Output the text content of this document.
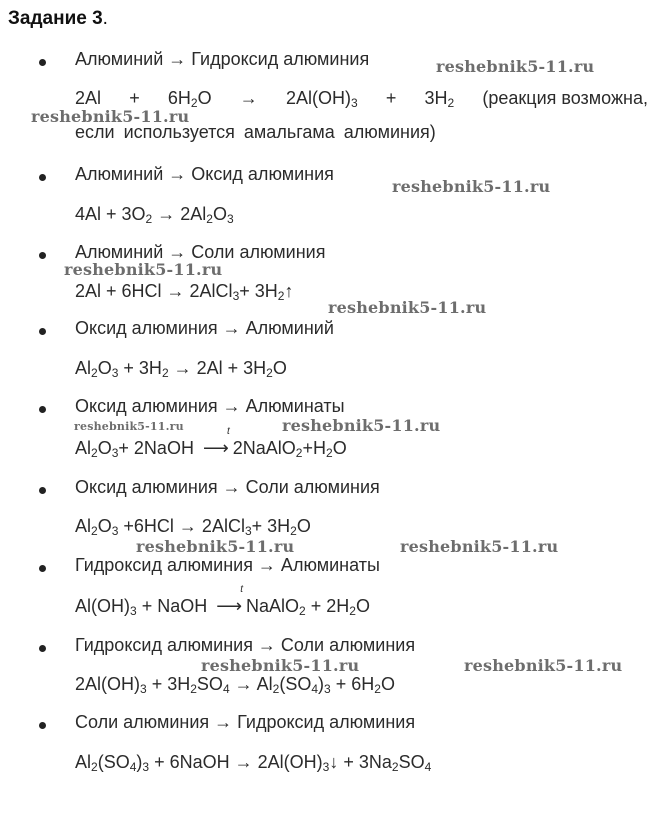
Задание 3.
Алюминий → Гидроксид алюминия
$2Al + 6H_2O \to 2Al(OH)_3 + 3H_2$ (реакция возможна,
если используется амальгама алюминия)
Алюминий → Оксид алюминия
$4Al + 3O_2 \to 2Al_2O_3$
Алюминий → Соли алюминия
2Al + 6HCl → 2AlCl$_3$+ $3H_2↑$
Оксид алюминия → Алюминий
$Al_2O_3 + 3H_2 \to 2Al + 3H_2O$
Оксид алюминия → Алюминаты
$Al_2O_3+$ 2NaOH
t
⟶ $2NaAlO_2+H_2O$
Оксид алюминия → Соли алюминия
$Al_2O_3 +6HCl$ → 2AlCl$_3$+ $3H_2O$
Гидроксид алюминия → Алюминаты
$Al(OH)_3$ + NaOH
t
⟶ NaAlO$_2$ + $2H_2O$
Гидроксид алюминия → Соли алюминия
$2Al(OH)_3 + 3H_2SO_4 \to Al_2(SO_4)_3 + 6H_2O$
Соли алюминия → Гидроксид алюминия
$Al_2(SO_4)_3$ + 6NaOH → $2Al(OH)_3↓ + 3Na_2SO_4$
reshebnik5-11.ru
reshebnik5-11.ru
reshebnik5-11.ru
reshebnik5-11.ru
reshebnik5-11.ru
reshebnik5-11.ru	reshebnik5-11.ru
reshebnik5-11.ru	reshebnik5-11.ru
reshebnik5-11.ru	reshebnik5-11.ru
